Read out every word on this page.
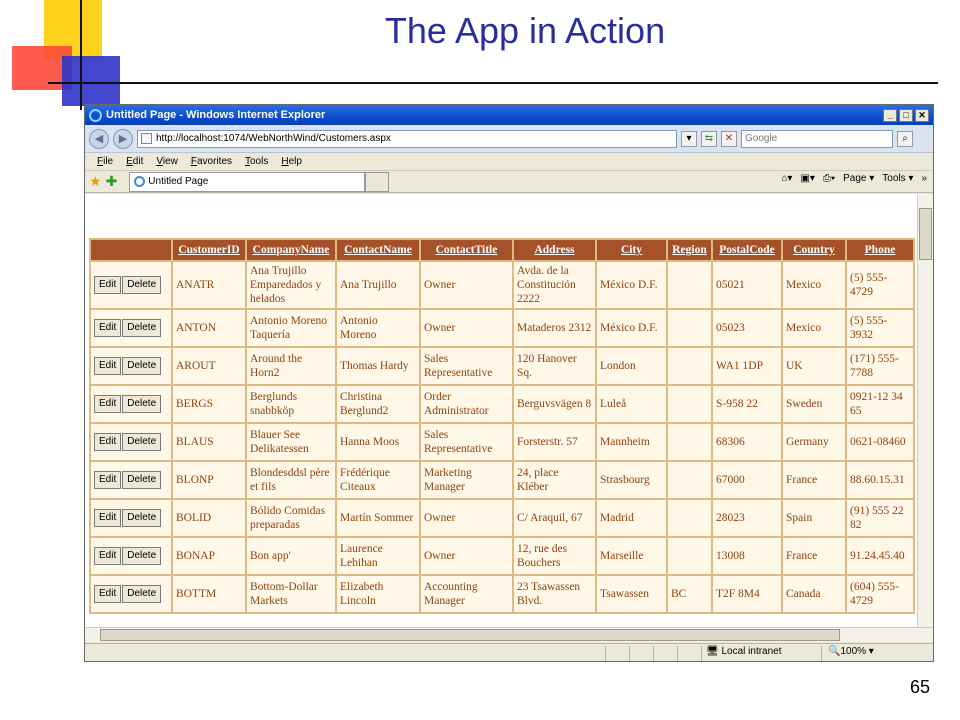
The App in Action
Untitled Page - Windows Internet Explorer	_	□	✕
◀	▶	http://localhost:1074/WebNorthWind/Customers.aspx	▾	⇆	✕	Google	⌕
File Edit View Favorites Tools Help
★ ✚	Untitled Page	⌂▾ ▣▾ ⎙▾ Page ▾ Tools ▾ »
	CustomerID	CompanyName	ContactName	ContactTitle	Address	City	Region	PostalCode	Country	Phone
Edit Delete	ANATR	Ana Trujillo Emparedados y helados	Ana Trujillo	Owner	Avda. de la Constitución 2222	México D.F.		05021	Mexico	(5) 555-4729
Edit Delete	ANTON	Antonio Moreno Taquería	Antonio Moreno	Owner	Mataderos 2312	México D.F.		05023	Mexico	(5) 555-3932
Edit Delete	AROUT	Around the Horn2	Thomas Hardy	Sales Representative	120 Hanover Sq.	London		WA1 1DP	UK	(171) 555-7788
Edit Delete	BERGS	Berglunds snabbköp	Christina Berglund2	Order Administrator	Berguvsvägen 8	Luleå		S-958 22	Sweden	0921-12 34 65
Edit Delete	BLAUS	Blauer See Delikatessen	Hanna Moos	Sales Representative	Forsterstr. 57	Mannheim		68306	Germany	0621-08460
Edit Delete	BLONP	Blondesddsl père et fils	Frédérique Citeaux	Marketing Manager	24, place Kléber	Strasbourg		67000	France	88.60.15.31
Edit Delete	BOLID	Bólido Comidas preparadas	Martín Sommer	Owner	C/ Araquil, 67	Madrid		28023	Spain	(91) 555 22 82
Edit Delete	BONAP	Bon app'	Laurence Lebihan	Owner	12, rue des Bouchers	Marseille		13008	France	91.24.45.40
Edit Delete	BOTTM	Bottom-Dollar Markets	Elizabeth Lincoln	Accounting Manager	23 Tsawassen Blvd.	Tsawassen	BC	T2F 8M4	Canada	(604) 555-4729
🖥 Local intranet	🔍100% ▾
65
